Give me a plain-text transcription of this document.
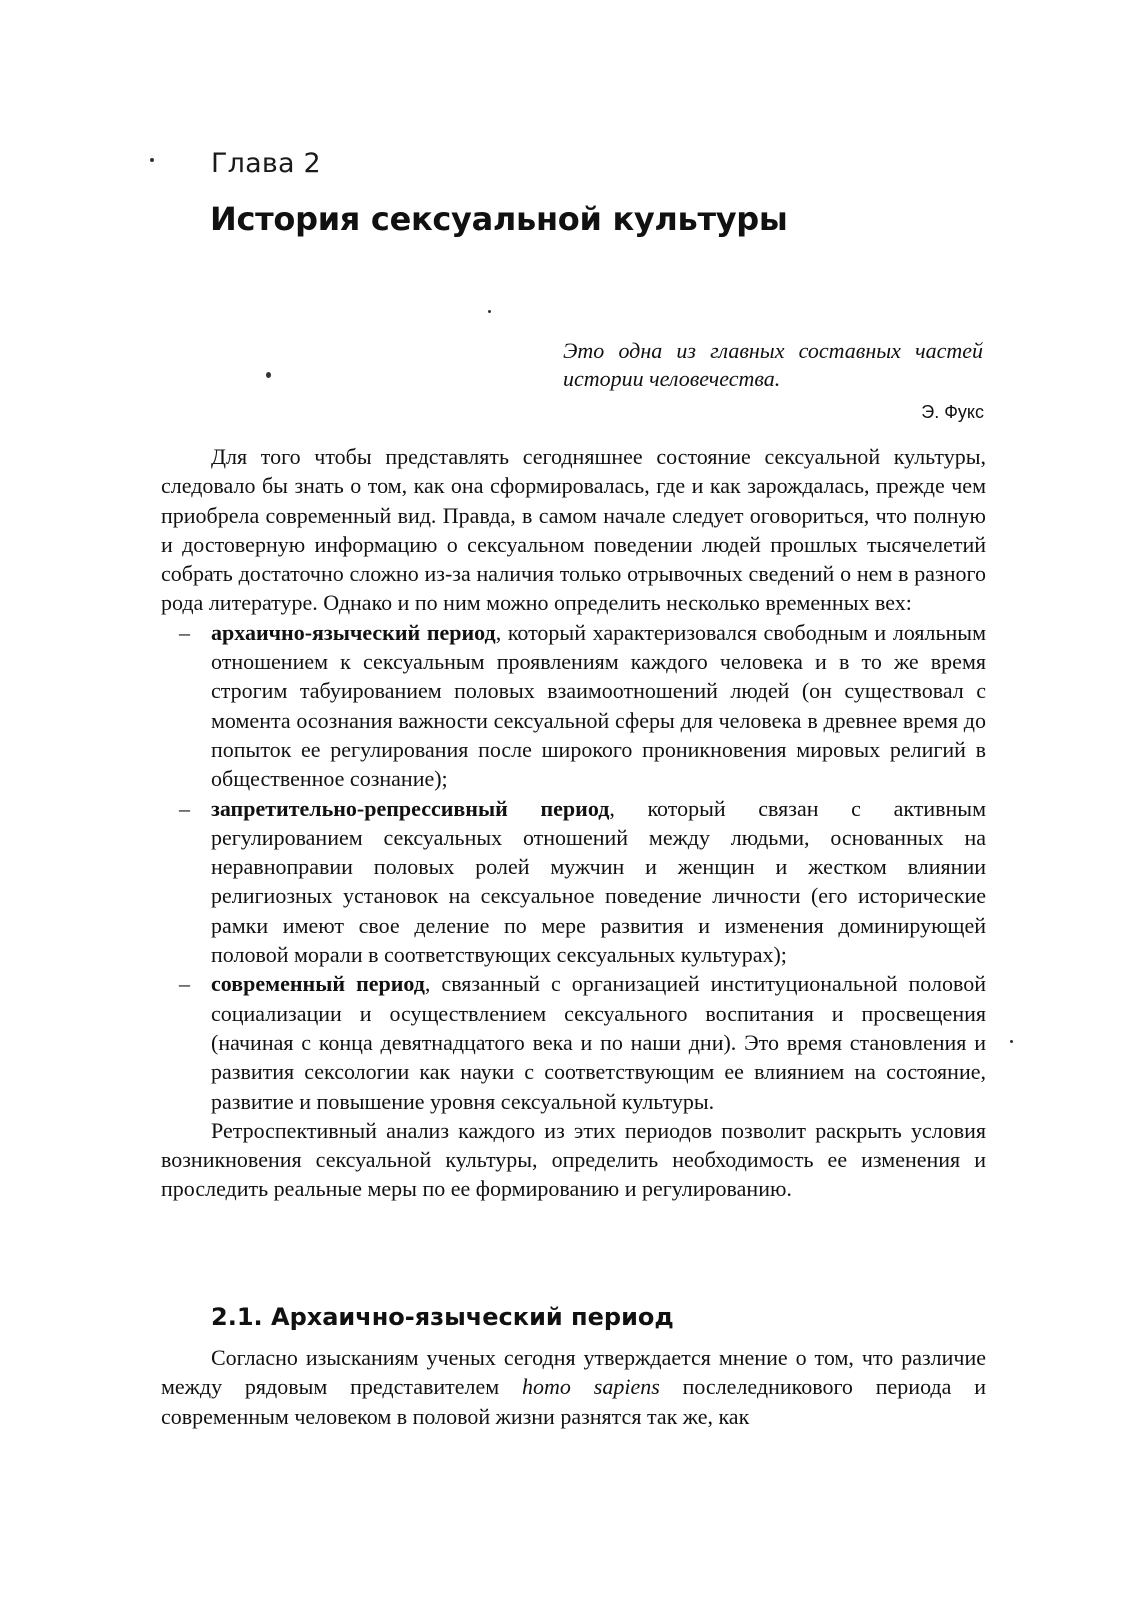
Глава 2
История сексуальной культуры
Это одна из главных составных частей истории человечества.
Э. Фукс

Для того чтобы представлять сегодняшнее состояние сексуальной культуры, следовало бы знать о том, как она сформировалась, где и как зарождалась, прежде чем приобрела современный вид. Правда, в самом начале следует оговориться, что полную и достоверную информацию о сексуальном поведении людей прошлых тысячелетий собрать достаточно сложно из-за наличия только отрывочных сведений о нем в разного рода литературе. Однако и по ним можно определить несколько временных вех:

– архаично-языческий период, который характеризовался свободным и лояльным отношением к сексуальным проявлениям каждого человека и в то же время строгим табуированием половых взаимоотношений людей (он существовал с момента осознания важности сексуальной сферы для человека в древнее время до попыток ее регулирования после широкого проникновения мировых религий в общественное сознание);
– запретительно-репрессивный период, который связан с активным регулированием сексуальных отношений между людьми, основанных на неравноправии половых ролей мужчин и женщин и жестком влиянии религиозных установок на сексуальное поведение личности (его исторические рамки имеют свое деление по мере развития и изменения доминирующей половой морали в соответствующих сексуальных культурах);
– современный период, связанный с организацией институциональной половой социализации и осуществлением сексуального воспитания и просвещения (начиная с конца девятнадцатого века и по наши дни). Это время становления и развития сексологии как науки с соответствующим ее влиянием на состояние, развитие и повышение уровня сексуальной культуры.

Ретроспективный анализ каждого из этих периодов позволит раскрыть условия возникновения сексуальной культуры, определить необходимость ее изменения и проследить реальные меры по ее формированию и регулированию.

2.1. Архаично-языческий период

Согласно изысканиям ученых сегодня утверждается мнение о том, что различие между рядовым представителем homo sapiens послеледникового периода и современным человеком в половой жизни разнятся так же, как
